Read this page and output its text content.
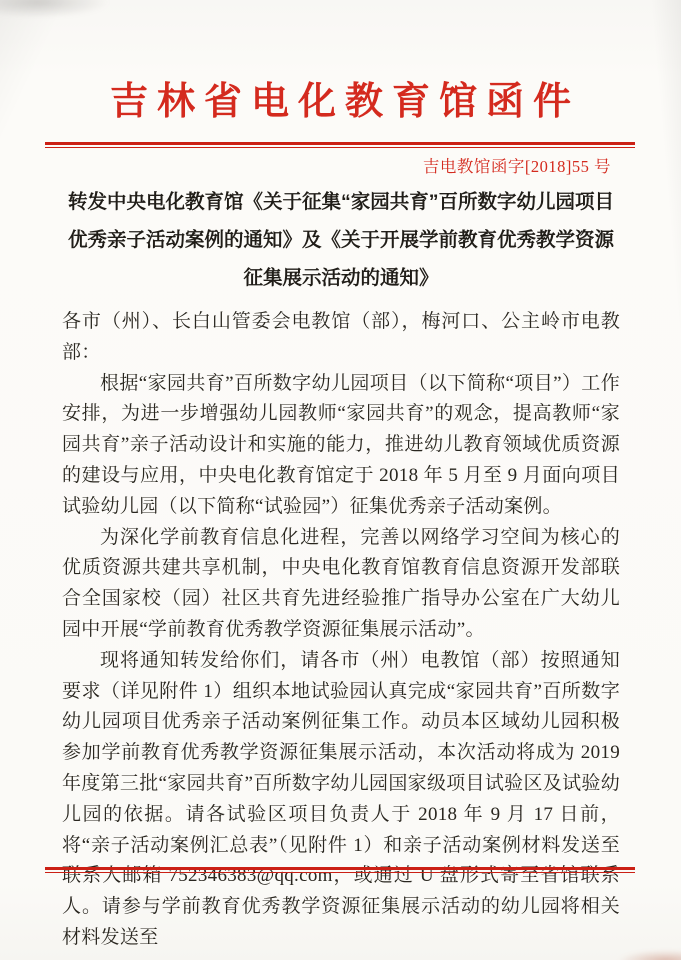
吉林省电化教育馆函件
吉电教馆函字[2018]55 号
转发中央电化教育馆《关于征集“家园共育”百所数字幼儿园项目优秀亲子活动案例的通知》及《关于开展学前教育优秀教学资源征集展示活动的通知》
各市（州）、长白山管委会电教馆（部），梅河口、公主岭市电教部：

根据“家园共育”百所数字幼儿园项目（以下简称“项目”）工作安排，为进一步增强幼儿园教师“家园共育”的观念，提高教师“家园共育”亲子活动设计和实施的能力，推进幼儿教育领域优质资源的建设与应用，中央电化教育馆定于 2018 年 5 月至 9 月面向项目试验幼儿园（以下简称“试验园”）征集优秀亲子活动案例。

为深化学前教育信息化进程，完善以网络学习空间为核心的优质资源共建共享机制，中央电化教育馆教育信息资源开发部联合全国家校（园）社区共育先进经验推广指导办公室在广大幼儿园中开展“学前教育优秀教学资源征集展示活动”。

现将通知转发给你们，请各市（州）电教馆（部）按照通知要求（详见附件 1）组织本地试验园认真完成“家园共育”百所数字幼儿园项目优秀亲子活动案例征集工作。动员本区域幼儿园积极参加学前教育优秀教学资源征集展示活动，本次活动将成为 2019 年度第三批“家园共育”百所数字幼儿园国家级项目试验区及试验幼儿园的依据。请各试验区项目负责人于 2018 年 9 月 17 日前，将“亲子活动案例汇总表”（见附件 1）和亲子活动案例材料发送至联系人邮箱 752346383@qq.com，或通过 U 盘形式寄至省馆联系人。请参与学前教育优秀教学资源征集展示活动的幼儿园将相关材料发送至
